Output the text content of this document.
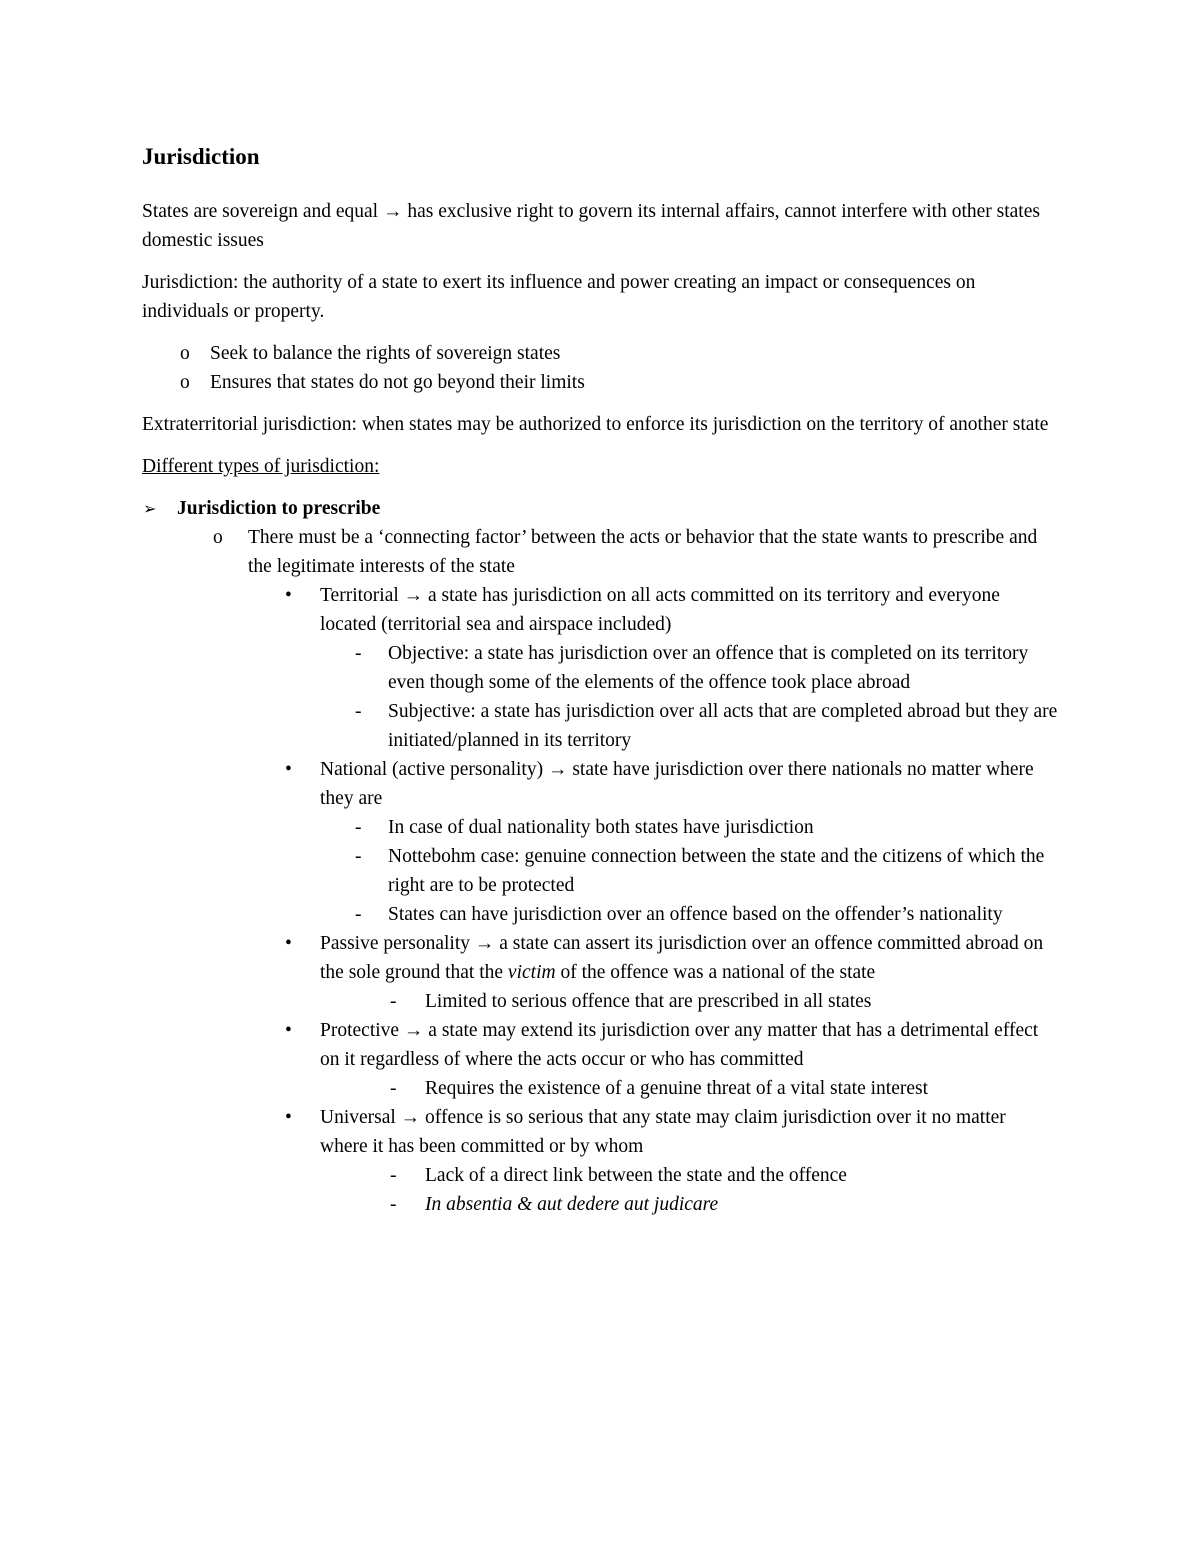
Jurisdiction

States are sovereign and equal → has exclusive right to govern its internal affairs, cannot interfere with other states domestic issues

Jurisdiction: the authority of a state to exert its influence and power creating an impact or consequences on individuals or property.

o	Seek to balance the rights of sovereign states
o	Ensures that states do not go beyond their limits

Extraterritorial jurisdiction: when states may be authorized to enforce its jurisdiction on the territory of another state

Different types of jurisdiction:

➢	Jurisdiction to prescribe
o	There must be a ‘connecting factor’ between the acts or behavior that the state wants to prescribe and the legitimate interests of the state
•	Territorial → a state has jurisdiction on all acts committed on its territory and everyone located (territorial sea and airspace included)
-	Objective: a state has jurisdiction over an offence that is completed on its territory even though some of the elements of the offence took place abroad
-	Subjective: a state has jurisdiction over all acts that are completed abroad but they are initiated/planned in its territory
•	National (active personality) → state have jurisdiction over there nationals no matter where they are
-	In case of dual nationality both states have jurisdiction
-	Nottebohm case: genuine connection between the state and the citizens of which the right are to be protected
-	States can have jurisdiction over an offence based on the offender’s nationality
•	Passive personality → a state can assert its jurisdiction over an offence committed abroad on the sole ground that the victim of the offence was a national of the state
-	Limited to serious offence that are prescribed in all states
•	Protective → a state may extend its jurisdiction over any matter that has a detrimental effect on it regardless of where the acts occur or who has committed
-	Requires the existence of a genuine threat of a vital state interest
•	Universal → offence is so serious that any state may claim jurisdiction over it no matter where it has been committed or by whom
-	Lack of a direct link between the state and the offence
-	In absentia & aut dedere aut judicare
